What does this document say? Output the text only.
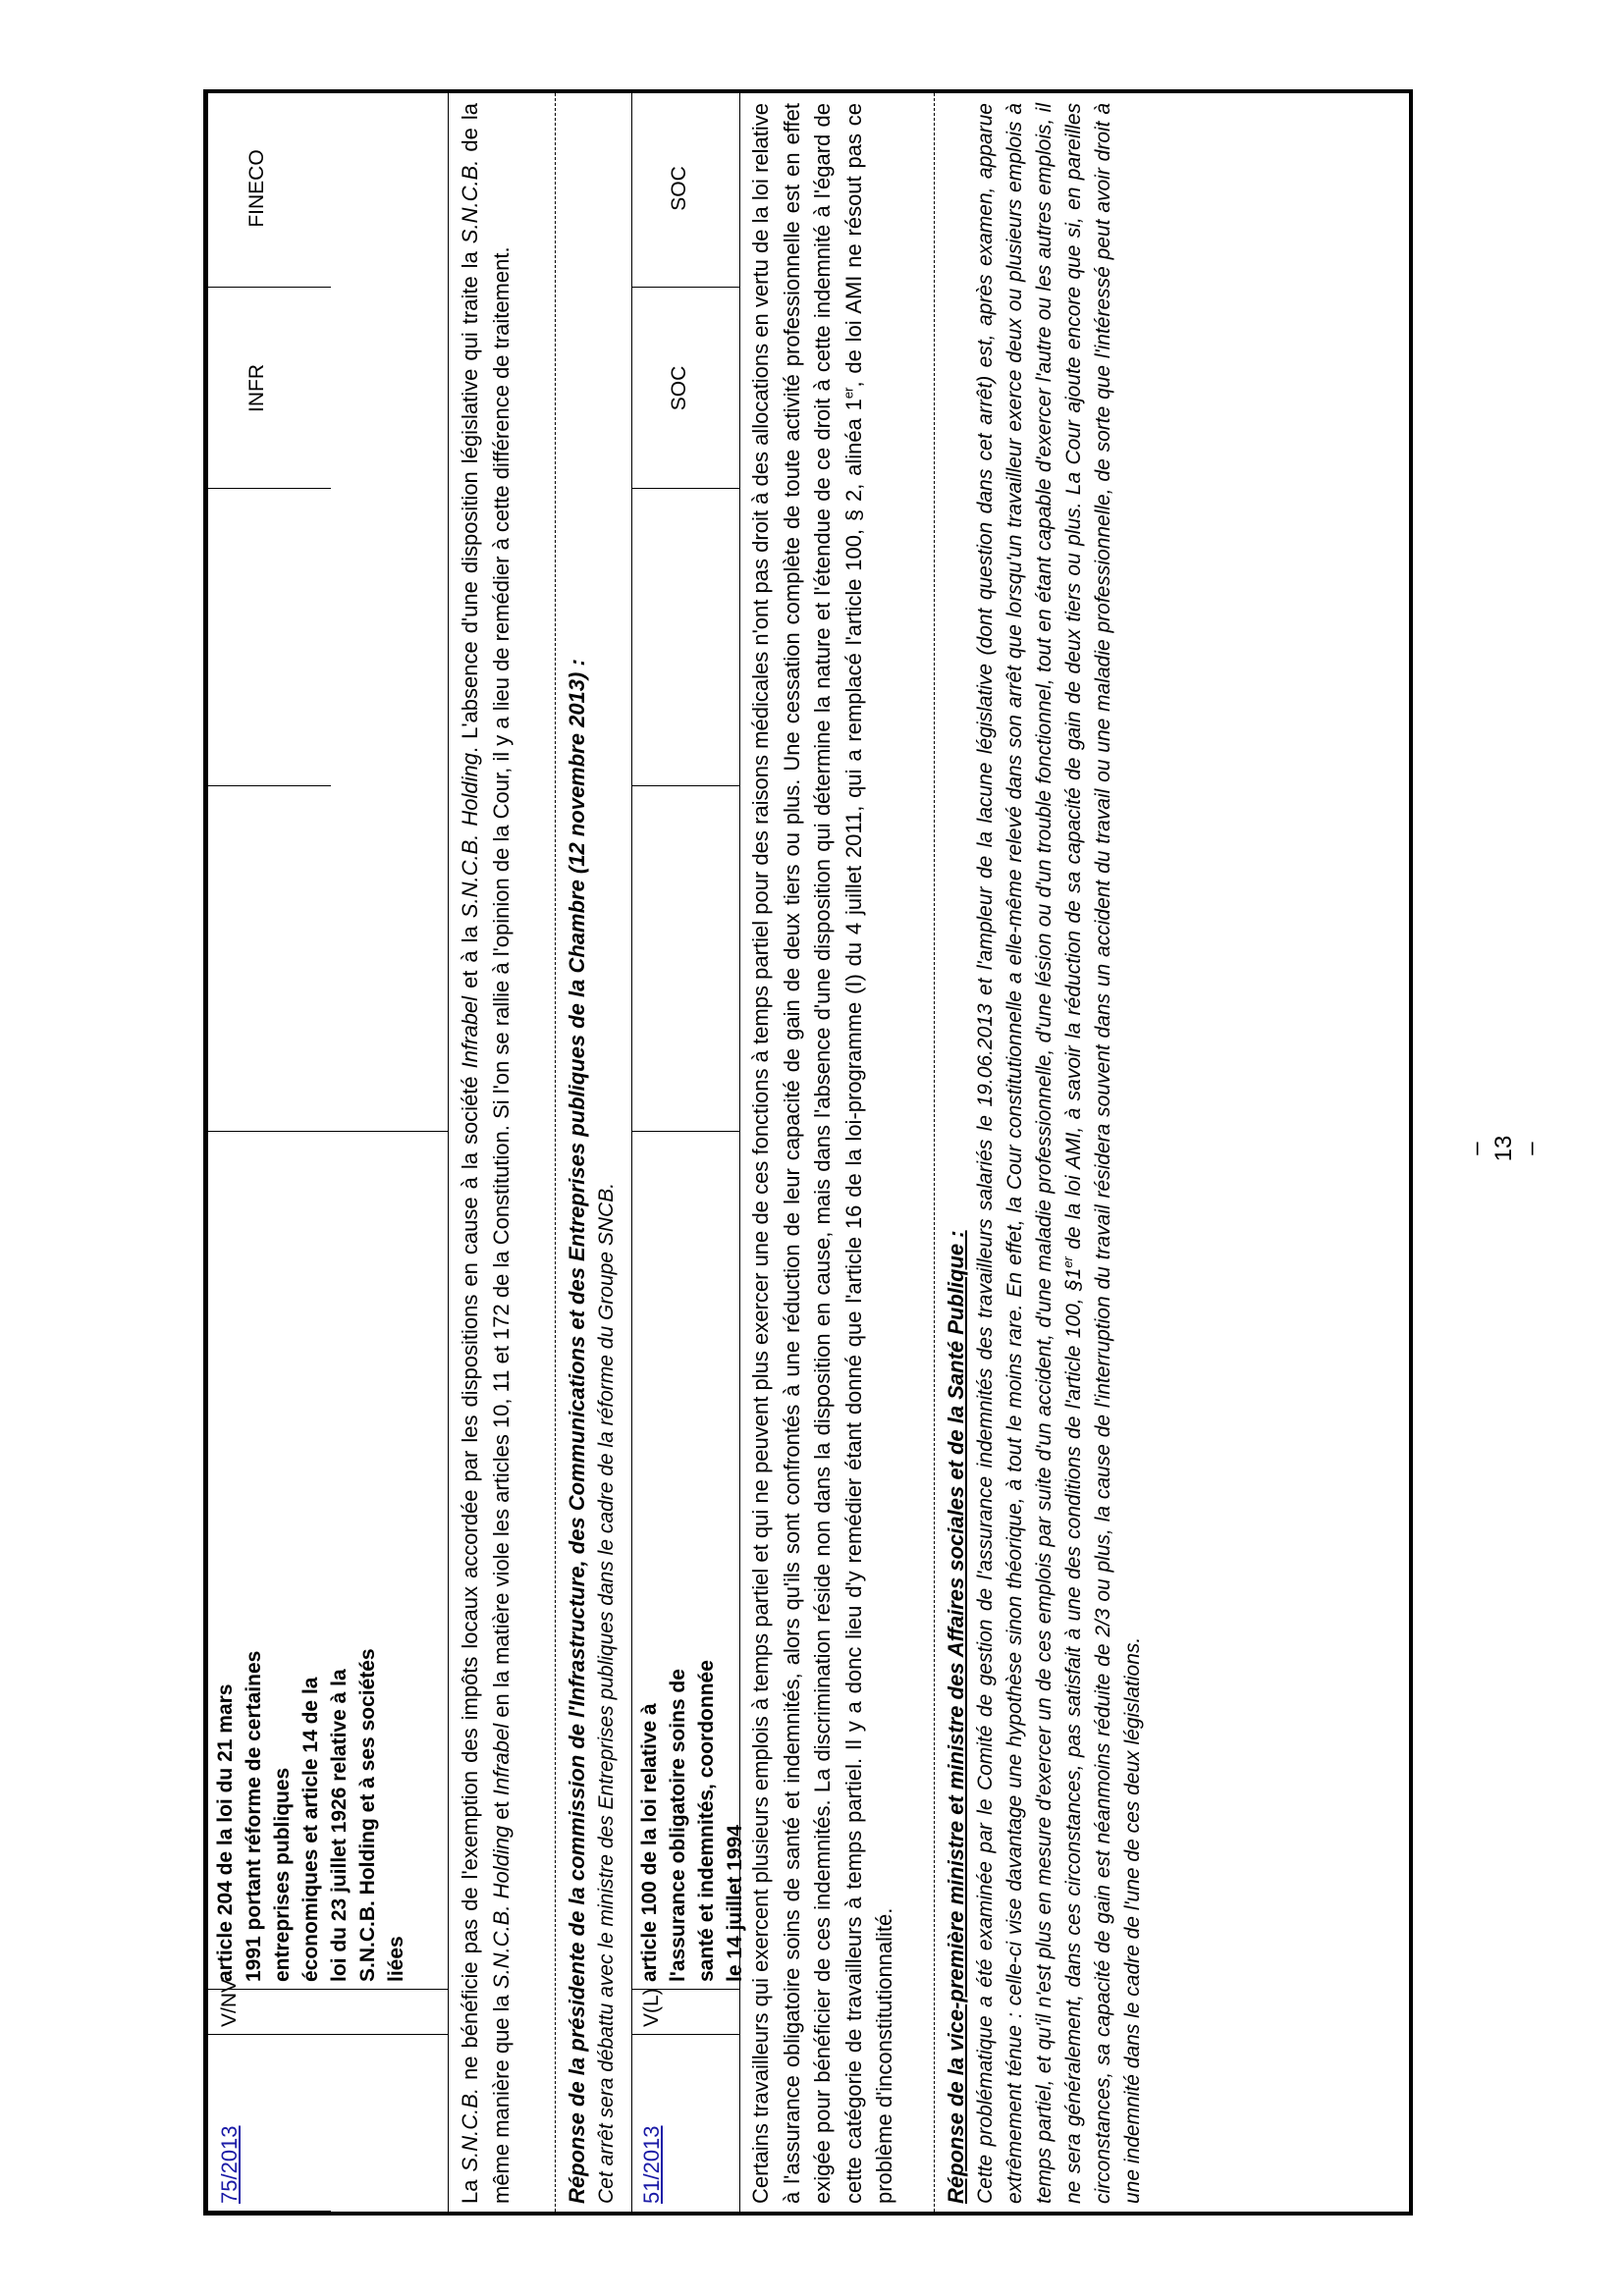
INFR
FINECO
75/2013
V/NV
article 204 de la loi du 21 mars 1991 portant réforme de certaines entreprises publiques économiques et article 14 de la loi du 23 juillet 1926 relative à la S.N.C.B. Holding et à ses sociétés liées
La S.N.C.B. ne bénéficie pas de l'exemption des impôts locaux accordée par les dispositions en cause à la société Infrabel et à la S.N.C.B. Holding. L'absence d'une disposition législative qui traite la S.N.C.B. de la même manière que la S.N.C.B. Holding et Infrabel en la matière viole les articles 10, 11 et 172 de la Constitution. Si l'on se rallie à l'opinion de la Cour, il y a lieu de remédier à cette différence de traitement. Réponse de la présidente de la commission de l'Infrastructure, des Communications et des Entreprises publiques de la Chambre (12 novembre 2013) : Cet arrêt sera débattu avec le ministre des Entreprises publiques dans le cadre de la réforme du Groupe SNCB. 51/2013
V(L)
article 100 de la loi relative à l'assurance obligatoire soins de santé et indemnités, coordonnée le 14 juillet 1994
SOC
SOC	Certains travailleurs qui exercent plusieurs emplois à temps partiel et qui ne peuvent plus exercer une de ces fonctions à temps partiel pour des raisons médicales n'ont pas droit à des allocations en vertu de la loi relative à l'assurance obligatoire soins de santé et indemnités, alors qu'ils sont confrontés à une réduction de leur capacité de gain de deux tiers ou plus. Une cessation complète de toute activité professionnelle est en effet exigée pour bénéficier de ces indemnités. La discrimination réside non dans la disposition en cause, mais dans l'absence d'une disposition qui détermine la nature et l'étendue de ce droit à cette indemnité à l'égard de cette catégorie de travailleurs à temps partiel. Il y a donc lieu d'y remédier étant donné que l'article 16 de la loi-programme (I) du 4 juillet 2011, qui a remplacé l'article 100, § 2, alinéa 1er, de loi AMI ne résout pas ce problème d'inconstitutionnalité. Réponse de la vice-première ministre et ministre des Affaires sociales et de la Santé Publique : Cette problématique a été examinée par le Comité de gestion de l'assurance indemnités des travailleurs salariés le 19.06.2013 et l'ampleur de la lacune législative (dont question dans cet arrêt) est, après examen, apparue extrêmement ténue : celle-ci vise davantage une hypothèse sinon théorique, à tout le moins rare. En effet, la Cour constitutionnelle a elle-même relevé dans son arrêt que lorsqu'un travailleur exerce deux ou plusieurs emplois à temps partiel, et qu'il n'est plus en mesure d'exercer un de ces emplois par suite d'un accident, d'une maladie professionnelle, d'une lésion ou d'un trouble fonctionnel, tout en étant capable d'exercer l'autre ou les autres emplois, il ne sera généralement, dans ces circonstances, pas satisfait à une des conditions de l'article 100, §1er de la loi AMI, à savoir la réduction de sa capacité de gain de deux tiers ou plus. La Cour ajoute encore que si, en pareilles circonstances, sa capacité de gain est néanmoins réduite de 2/3 ou plus, la cause de l'interruption du travail résidera souvent dans un accident du travail ou une maladie professionnelle, de sorte que l'intéressé peut avoir droit à une indemnité dans le cadre de l'une de ces deux législations.
– 13 –
